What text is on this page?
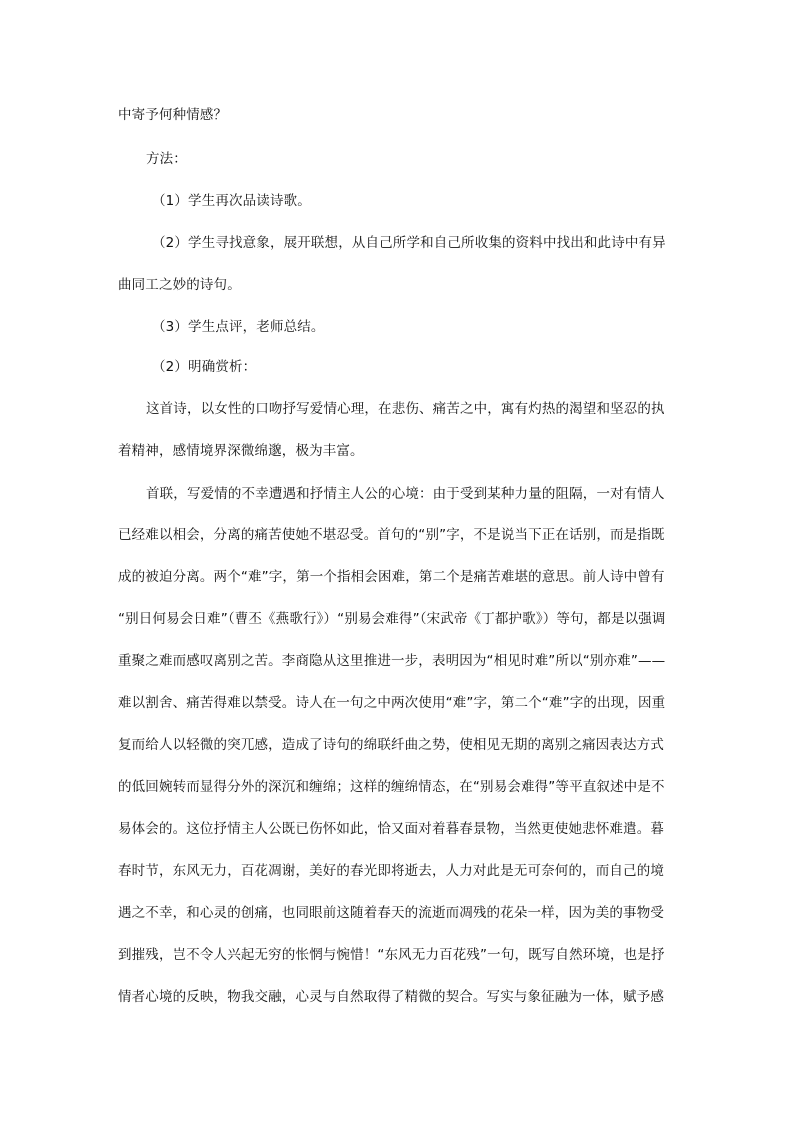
中寄予何种情感？
方法：
（1）学生再次品读诗歌。
（2）学生寻找意象，展开联想，从自己所学和自己所收集的资料中找出和此诗中有异
曲同工之妙的诗句。
（3）学生点评，老师总结。
（2）明确赏析：
这首诗，以女性的口吻抒写爱情心理，在悲伤、痛苦之中，寓有灼热的渴望和坚忍的执
着精神，感情境界深微绵邈，极为丰富。
首联，写爱情的不幸遭遇和抒情主人公的心境：由于受到某种力量的阻隔，一对有情人
已经难以相会，分离的痛苦使她不堪忍受。首句的“别”字，不是说当下正在话别，而是指既
成的被迫分离。两个“难”字，第一个指相会困难，第二个是痛苦难堪的意思。前人诗中曾有
“别日何易会日难”（曹丕《燕歌行》）“别易会难得”（宋武帝《丁都护歌》）等句，都是以强调
重聚之难而感叹离别之苦。李商隐从这里推进一步，表明因为“相见时难”所以“别亦难”——
难以割舍、痛苦得难以禁受。诗人在一句之中两次使用“难”字，第二个“难”字的出现，因重
复而给人以轻微的突兀感，造成了诗句的绵联纤曲之势，使相见无期的离别之痛因表达方式
的低回婉转而显得分外的深沉和缠绵；这样的缠绵情态，在“别易会难得”等平直叙述中是不
易体会的。这位抒情主人公既已伤怀如此，恰又面对着暮春景物，当然更使她悲怀难遣。暮
春时节，东风无力，百花凋谢，美好的春光即将逝去，人力对此是无可奈何的，而自己的境
遇之不幸，和心灵的创痛，也同眼前这随着春天的流逝而凋残的花朵一样，因为美的事物受
到摧残，岂不令人兴起无穷的怅惘与惋惜！“东风无力百花残”一句，既写自然环境，也是抒
情者心境的反映，物我交融，心灵与自然取得了精微的契合。写实与象征融为一体，赋予感
